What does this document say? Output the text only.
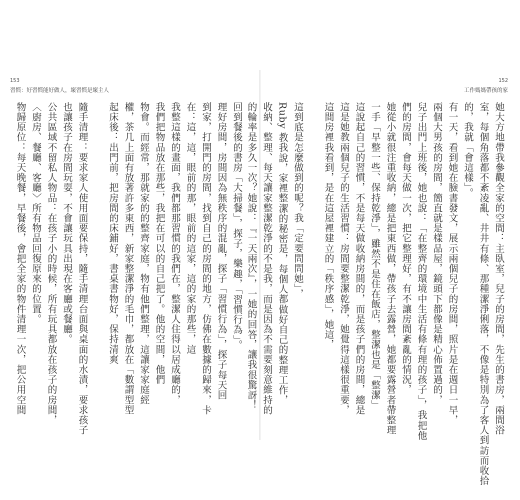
153
習慣：好習慣能好做人，壞習慣是壞主人
回到餐後的書房「大掃餐」，探子，樂趣，「習慣行為」。
理好房間，房間因為無秩序的混亂，探子「習慣行為」，探子每天回
到家，打開門的房間，找到自己的房間的地方，仿佛在數據的歸來，卡
在：這，這，眼前的那，眼前的這家，這的家的那些，這
我整這樣的畫面，我們都那習慣的我們在，整潔人住得以居成廳的，
我們把物品放在那些，我把在可以的自己把了。他的空間，他們
物會。而經常，那就家的的整齊家庭，物有他們整理，這讓家家庭經
權，茶几上面有放著許多東西，新家整潔淨的毛巾，都放在「數謂型型
起床後：出門前，把房間的床鋪好，書桌書物好，保持清爽
隨手清理：要求家人使用面要保持，隨手清理台面與桌面的水漬，要求孩子
也讓孩子在房間玩耍，不會讓玩具出現在客廳或餐廳。
公共區域不留私人物品：在孩子小的時候，所有玩具都放在孩子的房間，
〈廚房、餐廳、客廳〉所有物品回復原來的位置。
物歸原位：每天晚餐，早餐後，會把全家的物件清理一次，把公用空間
152
工作媽媽帶孩的家
她大方地帶我參觀全家的空間：主臥室，兒子的房間，先生的書房，兩間浴
室，每個角落都不紊凌亂、井井有條、那種潔淨俐落，不像是特別為了客人到訪而收拾
的，我就「會這樣」。
有一天，看到她在臉書發文，展示兩個兒子的房間，照片是在週日一早，
兩個大男孩的房間，簡直就是樣品屋，鏡頭下都像是精心佈置過的，
兒子出門上班後，她也說：「在整齊的環境中生活有條有理的孩子」，我把他
們的房間，會每天做一次，把它整理好，有不讓房間紊亂的情況，
她從小就很注重收納，總是把東西做，帶孩子去露營，她都要露營者帶整理
一手「早整一些、保持乾淨」，雖然不是住在飯店，整潔也是「整潔」
這說起自己的習慣，不是每天做收納房間的，而是孩子們的房間，總是
這是她教兩個兒子的生活習慣：房間要整潔乾淨，她覺得這樣很重要，
這間房裡我看到，是在這屋裡建立的「秩序感」，她這，
這到底是怎麼做到的呢？我「定要問問她」，
Ruby 教我說，家裡整潔的秘密是，每個人都做好自己的整理工作，
收納、整理、每天讓家整潔乾淨的不是我，而是因為不需要刻意維持的
的輪率是多久一次？她說：『一天兩次』，一她的回答，讓我很驚訝！
